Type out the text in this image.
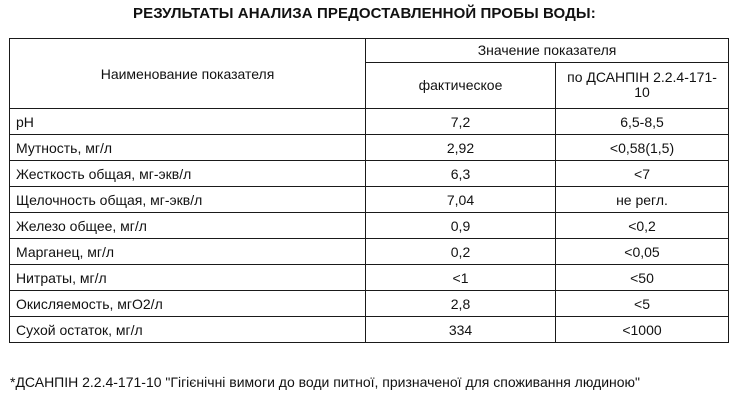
РЕЗУЛЬТАТЫ АНАЛИЗА ПРЕДОСТАВЛЕННОЙ ПРОБЫ ВОДЫ:
Наименование показателя	Значение показателя	
	фактическое	по ДСАНПІН 2.2.4-171-10
pH	7,2	6,5-8,5
Мутность, мг/л	2,92	<0,58(1,5)
Жесткость общая, мг-экв/л	6,3	<7
Щелочность общая, мг-экв/л	7,04	не регл.
Железо общее, мг/л	0,9	<0,2
Марганец, мг/л	0,2	<0,05
Нитраты, мг/л	<1	<50
Окисляемость, мгО2/л	2,8	<5
Сухой остаток, мг/л	334	<1000
*ДСАНПІН 2.2.4-171-10 "Гігієнічні вимоги до води питної, призначеної для споживання людиною"
